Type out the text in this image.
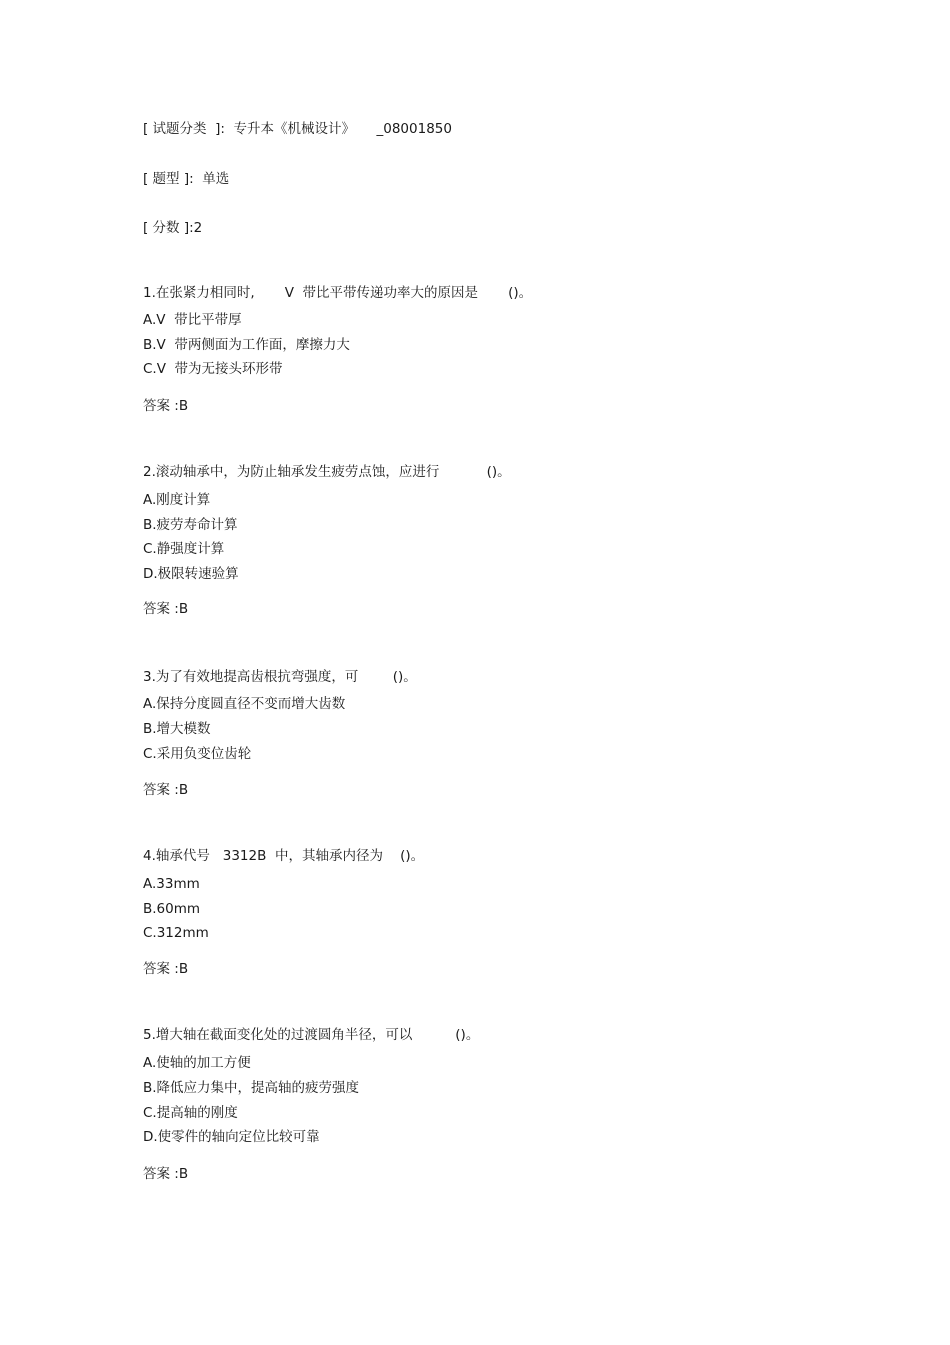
[ 试题分类  ]:  专升本《机械设计》     _08001850
[ 题型 ]:  单选
[ 分数 ]:2
1.在张紧力相同时,       V  带比平带传递功率大的原因是       ()。
A.V  带比平带厚
B.V  带两侧面为工作面，摩擦力大
C.V  带为无接头环形带
答案 :B
2.滚动轴承中，为防止轴承发生疲劳点蚀，应进行           ()。
A.刚度计算
B.疲劳寿命计算
C.静强度计算
D.极限转速验算
答案 :B
3.为了有效地提高齿根抗弯强度，可        ()。
A.保持分度圆直径不变而增大齿数
B.增大模数
C.采用负变位齿轮
答案 :B
4.轴承代号   3312B  中，其轴承内径为    ()。
A.33mm
B.60mm
C.312mm
答案 :B
5.增大轴在截面变化处的过渡圆角半径，可以          ()。
A.使轴的加工方便
B.降低应力集中，提高轴的疲劳强度
C.提高轴的刚度
D.使零件的轴向定位比较可靠
答案 :B
